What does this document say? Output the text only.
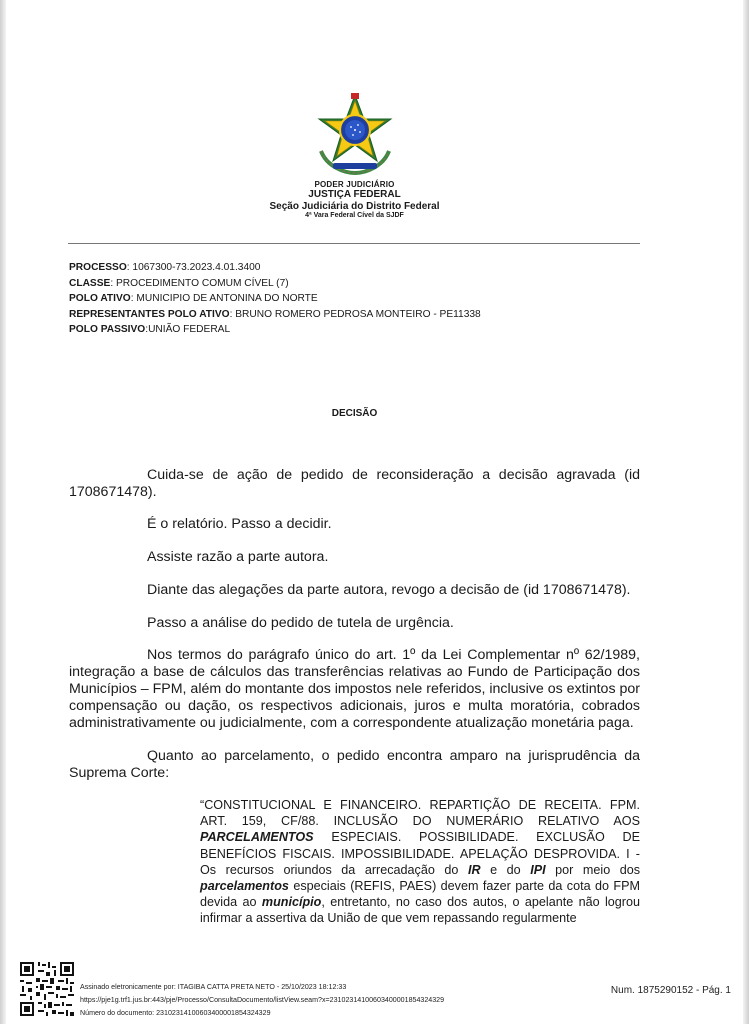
PODER JUDICIÁRIO
JUSTIÇA FEDERAL
Seção Judiciária do Distrito Federal
4ª Vara Federal Cível da SJDF
PROCESSO: 1067300-73.2023.4.01.3400
CLASSE: PROCEDIMENTO COMUM CÍVEL (7)
POLO ATIVO: MUNICIPIO DE ANTONINA DO NORTE
REPRESENTANTES POLO ATIVO: BRUNO ROMERO PEDROSA MONTEIRO - PE11338
POLO PASSIVO:UNIÃO FEDERAL
DECISÃO
Cuida-se de ação de pedido de reconsideração a decisão agravada (id 1708671478).
É o relatório. Passo a decidir.
Assiste razão a parte autora.
Diante das alegações da parte autora, revogo a decisão de (id 1708671478).
Passo a análise do pedido de tutela de urgência.
Nos termos do parágrafo único do art. 1º da Lei Complementar nº 62/1989, integração a base de cálculos das transferências relativas ao Fundo de Participação dos Municípios – FPM, além do montante dos impostos nele referidos, inclusive os extintos por compensação ou dação, os respectivos adicionais, juros e multa moratória, cobrados administrativamente ou judicialmente, com a correspondente atualização monetária paga.
Quanto ao parcelamento, o pedido encontra amparo na jurisprudência da Suprema Corte:
“CONSTITUCIONAL E FINANCEIRO. REPARTIÇÃO DE RECEITA. FPM. ART. 159, CF/88. INCLUSÃO DO NUMERÁRIO RELATIVO AOS PARCELAMENTOS ESPECIAIS. POSSIBILIDADE. EXCLUSÃO DE BENEFÍCIOS FISCAIS. IMPOSSIBILIDADE. APELAÇÃO DESPROVIDA. I - Os recursos oriundos da arrecadação do IR e do IPI por meio dos parcelamentos especiais (REFIS, PAES) devem fazer parte da cota do FPM devida ao município, entretanto, no caso dos autos, o apelante não logrou infirmar a assertiva da União de que vem repassando regularmente
Assinado eletronicamente por: ITAGIBA CATTA PRETA NETO - 25/10/2023 18:12:33
https://pje1g.trf1.jus.br:443/pje/Processo/ConsultaDocumento/listView.seam?x=23102314100603400001854324329
Número do documento: 23102314100603400001854324329
Num. 1875290152 - Pág. 1
